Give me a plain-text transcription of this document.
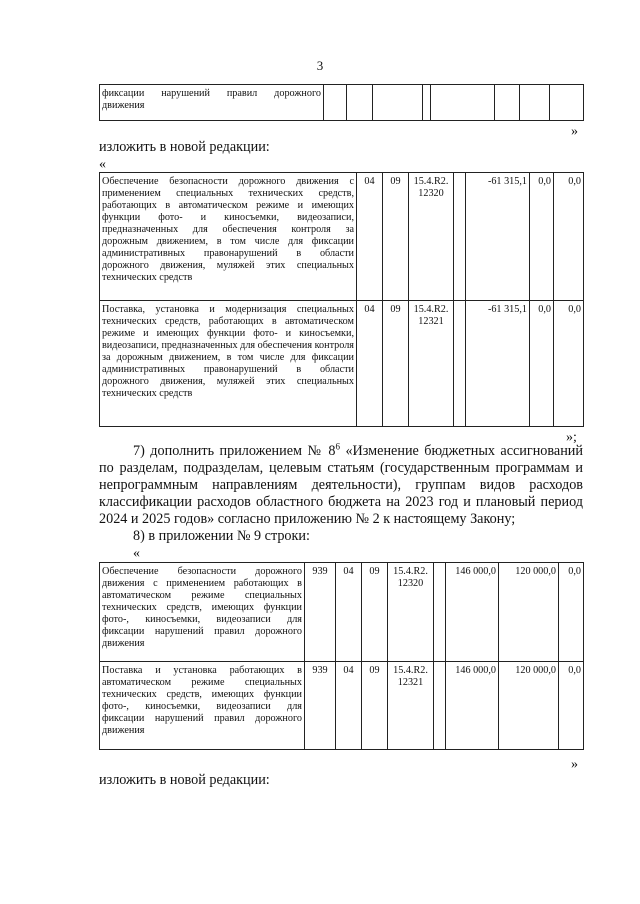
3
фиксации нарушений правил дорожного движения								
»
изложить в новой редакции:
«
Обеспечение безопасности дорожного движения с применением специальных технических средств, работающих в автоматическом режиме и имеющих функции фото- и киносъемки, видеозаписи, предназначенных для обеспечения контроля за дорожным движением, в том числе для фиксации административных правонарушений в области дорожного движения, муляжей этих специальных технических средств	04	09	15.4.R2. 12320		-61 315,1	0,0	0,0
Поставка, установка и модернизация специальных технических средств, работающих в автоматическом режиме и имеющих функции фото- и киносъемки, видеозаписи, предназначенных для обеспечения контроля за дорожным движением, в том числе для фиксации административных правонарушений в области дорожного движения, муляжей этих специальных технических средств	04	09	15.4.R2. 12321		-61 315,1	0,0	0,0
»;
7) дополнить приложением № $8^6$ «Изменение бюджетных ассигнований по разделам, подразделам, целевым статьям (государственным программам и непрограммным направлениям деятельности), группам видов расходов классификации расходов областного бюджета на 2023 год и плановый период 2024 и 2025 годов» согласно приложению № 2 к настоящему Закону;
8) в приложении № 9 строки:
«
Обеспечение безопасности дорожного движения с применением работающих в автоматическом режиме специальных технических средств, имеющих функции фото-, киносъемки, видеозаписи для фиксации нарушений правил дорожного движения	939	04	09	15.4.R2. 12320		146 000,0	120 000,0	0,0
Поставка и установка работающих в автоматическом режиме специальных технических средств, имеющих функции фото-, киносъемки, видеозаписи для фиксации нарушений правил дорожного движения	939	04	09	15.4.R2. 12321		146 000,0	120 000,0	0,0
»
изложить в новой редакции:
